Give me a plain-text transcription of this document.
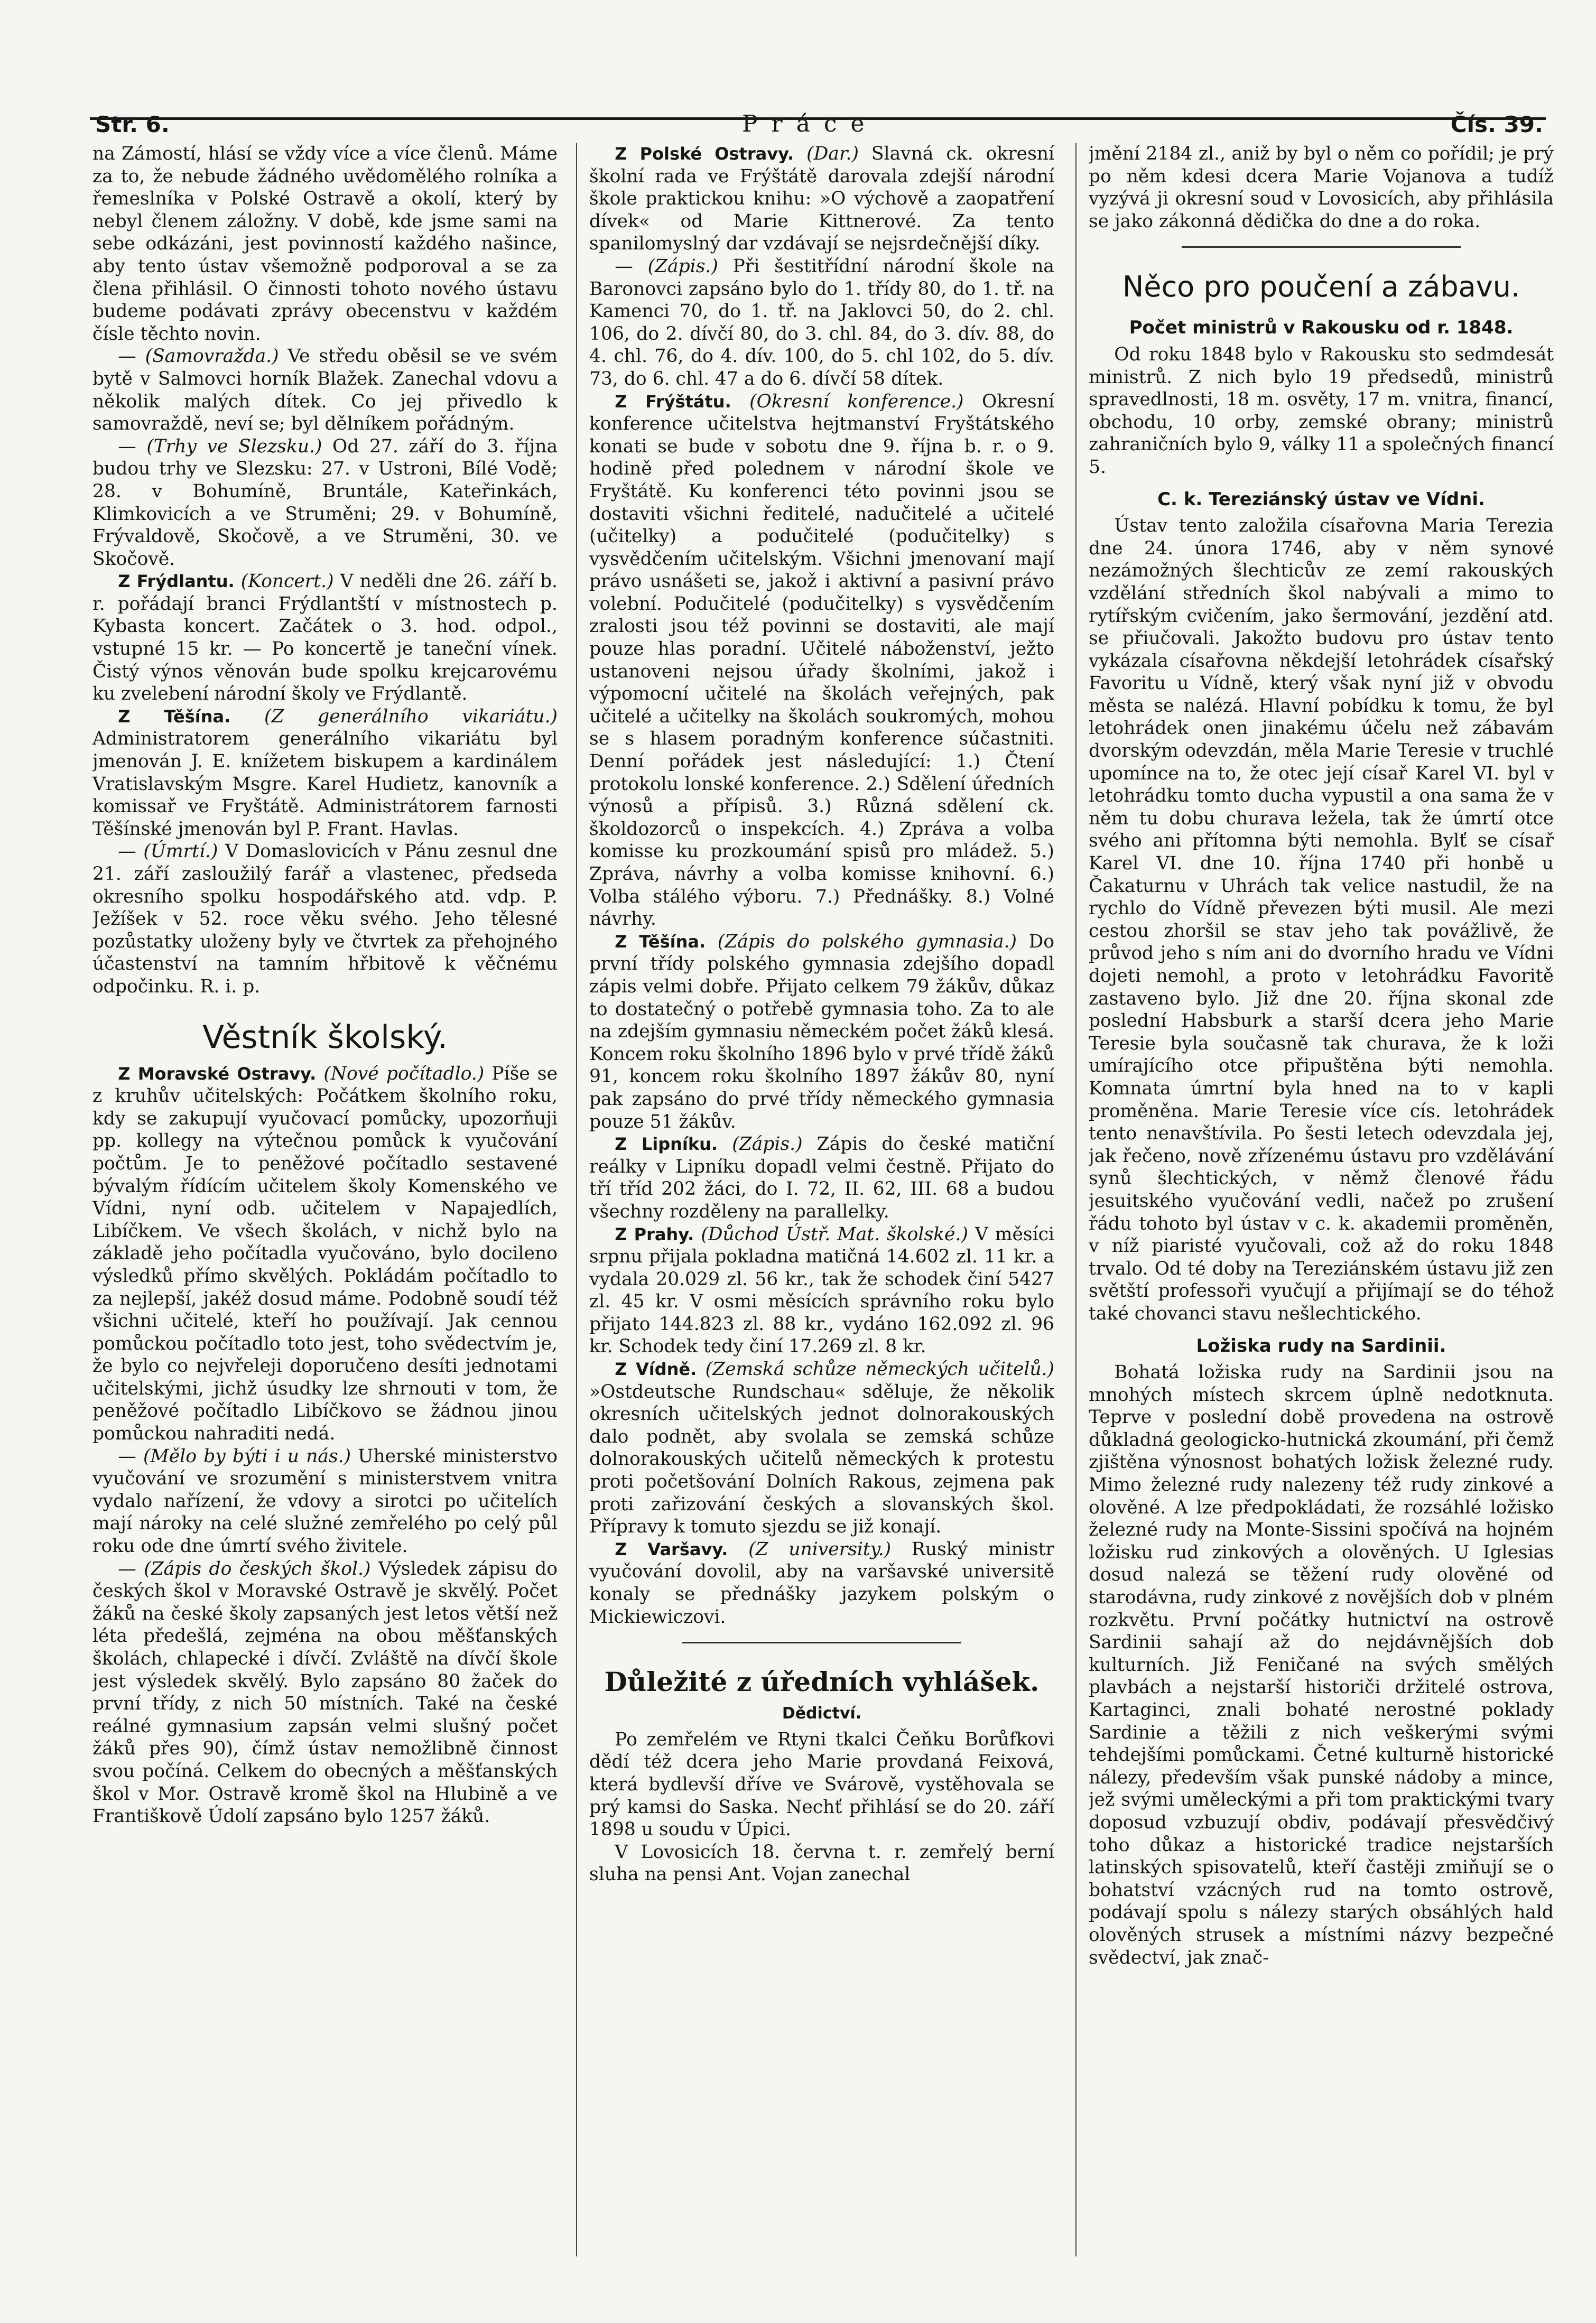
Str. 6.	Práce	Čís. 39.

na Zámostí, hlásí se vždy více a více členů. Máme za to, že nebude žádného uvědomělého rolníka a řemeslníka v Polské Ostravě a okolí, který by nebyl členem záložny. V době, kde jsme sami na sebe odkázáni, jest povinností každého našince, aby tento ústav všemožně podporoval a se za člena přihlásil. O činnosti tohoto nového ústavu budeme podávati zprávy obecenstvu v každém čísle těchto novin.

— (Samovražda.) Ve středu oběsil se ve svém bytě v Salmovci horník Blažek. Zanechal vdovu a několik malých dítek. Co jej přivedlo k samovraždě, neví se; byl dělníkem pořádným.

— (Trhy ve Slezsku.) Od 27. září do 3. října budou trhy ve Slezsku: 27. v Ustroni, Bílé Vodě; 28. v Bohumíně, Bruntále, Kateřinkách, Klimkovicích a ve Struměni; 29. v Bohumíně, Frývaldově, Skočově, a ve Struměni, 30. ve Skočově.

Z Frýdlantu. (Koncert.) V neděli dne 26. září b. r. pořádají branci Frýdlantští v místnostech p. Kybasta koncert. Začátek o 3. hod. odpol., vstupné 15 kr. — Po koncertě je taneční vínek. Čistý výnos věnován bude spolku krejcarovému ku zvelebení národní školy ve Frýdlantě.

Z Těšína. (Z generálního vikariátu.) Administratorem generálního vikariátu byl jmenován J. E. knížetem biskupem a kardinálem Vratislavským Msgre. Karel Hudietz, kanovník a komissař ve Fryštátě. Administrátorem farnosti Těšínské jmenován byl P. Frant. Havlas.

— (Úmrtí.) V Domaslovicích v Pánu zesnul dne 21. září zasloužilý farář a vlastenec, předseda okresního spolku hospodářského atd. vdp. P. Ježíšek v 52. roce věku svého. Jeho tělesné pozůstatky uloženy byly ve čtvrtek za přehojného účastenství na tamním hřbitově k věčnému odpočinku. R. i. p.

Věstník školský.

Z Moravské Ostravy. (Nové počítadlo.) Píše se z kruhův učitelských: Počátkem školního roku, kdy se zakupují vyučovací pomůcky, upozorňuji pp. kollegy na výtečnou pomůck k vyučování počtům. Je to peněžové počítadlo sestavené bývalým řídícím učitelem školy Komenského ve Vídni, nyní odb. učitelem v Napajedlích, Libíčkem. Ve všech školách, v nichž bylo na základě jeho počítadla vyučováno, bylo docileno výsledků přímo skvělých. Pokládám počítadlo to za nejlepší, jakéž dosud máme. Podobně soudí též všichni učitelé, kteří ho používají. Jak cennou pomůckou počítadlo toto jest, toho svědectvím je, že bylo co nejvřeleji doporučeno desíti jednotami učitelskými, jichž úsudky lze shrnouti v tom, že peněžové počítadlo Libíčkovo se žádnou jinou pomůckou nahraditi nedá.

— (Mělo by býti i u nás.) Uherské ministerstvo vyučování ve srozumění s ministerstvem vnitra vydalo nařízení, že vdovy a sirotci po učitelích mají nároky na celé služné zemřelého po celý půl roku ode dne úmrtí svého živitele.

— (Zápis do českých škol.) Výsledek zápisu do českých škol v Moravské Ostravě je skvělý. Počet žáků na české školy zapsaných jest letos větší než léta předešlá, zejména na obou měšťanských školách, chlapecké i dívčí. Zvláště na dívčí škole jest výsledek skvělý. Bylo zapsáno 80 žaček do první třídy, z nich 50 místních. Také na české reálné gymnasium zapsán velmi slušný počet žáků přes 90), čímž ústav nemožlibně činnost svou počíná. Celkem do obecných a měšťanských škol v Mor. Ostravě kromě škol na Hlubině a ve Františkově Údolí zapsáno bylo 1257 žáků.

Z Polské Ostravy. (Dar.) Slavná ck. okresní školní rada ve Frýštátě darovala zdejší národní škole praktickou knihu: »O výchově a zaopatření dívek« od Marie Kittnerové. Za tento spanilomyslný dar vzdávají se nejsrdečnější díky.

— (Zápis.) Při šestitřídní národní škole na Baronovci zapsáno bylo do 1. třídy 80, do 1. tř. na Kamenci 70, do 1. tř. na Jaklovci 50, do 2. chl. 106, do 2. dívčí 80, do 3. chl. 84, do 3. dív. 88, do 4. chl. 76, do 4. dív. 100, do 5. chl 102, do 5. dív. 73, do 6. chl. 47 a do 6. dívčí 58 dítek.

Z Frýštátu. (Okresní konference.) Okresní konference učitelstva hejtmanství Fryštátského konati se bude v sobotu dne 9. října b. r. o 9. hodině před polednem v národní škole ve Fryštátě. Ku konferenci této povinni jsou se dostaviti všichni ředitelé, nadučitelé a učitelé (učitelky) a podučitelé (podučitelky) s vysvědčením učitelským. Všichni jmenovaní mají právo usnášeti se, jakož i aktivní a pasivní právo volební. Podučitelé (podučitelky) s vysvědčením zralosti jsou též povinni se dostaviti, ale mají pouze hlas poradní. Učitelé náboženství, ježto ustanoveni nejsou úřady školními, jakož i výpomocní učitelé na školách veřejných, pak učitelé a učitelky na školách soukromých, mohou se s hlasem poradným konference súčastniti. Denní pořádek jest následující: 1.) Čtení protokolu lonské konference. 2.) Sdělení úředních výnosů a přípisů. 3.) Různá sdělení ck. školdozorců o inspekcích. 4.) Zpráva a volba komisse ku prozkoumání spisů pro mládež. 5.) Zpráva, návrhy a volba komisse knihovní. 6.) Volba stálého výboru. 7.) Přednášky. 8.) Volné návrhy.

Z Těšína. (Zápis do polského gymnasia.) Do první třídy polského gymnasia zdejšího dopadl zápis velmi dobře. Přijato celkem 79 žákův, důkaz to dostatečný o potřebě gymnasia toho. Za to ale na zdejším gymnasiu německém počet žáků klesá. Koncem roku školního 1896 bylo v prvé třídě žáků 91, koncem roku školního 1897 žákův 80, nyní pak zapsáno do prvé třídy německého gymnasia pouze 51 žákův.

Z Lipníku. (Zápis.) Zápis do české matiční reálky v Lipníku dopadl velmi čestně. Přijato do tří tříd 202 žáci, do I. 72, II. 62, III. 68 a budou všechny rozděleny na parallelky.

Z Prahy. (Důchod Ústř. Mat. školské.) V měsíci srpnu přijala pokladna matičná 14.602 zl. 11 kr. a vydala 20.029 zl. 56 kr., tak že schodek činí 5427 zl. 45 kr. V osmi měsících správního roku bylo přijato 144.823 zl. 88 kr., vydáno 162.092 zl. 96 kr. Schodek tedy činí 17.269 zl. 8 kr.

Z Vídně. (Zemská schůze německých učitelů.) »Ostdeutsche Rundschau« sděluje, že několik okresních učitelských jednot dolnorakouských dalo podnět, aby svolala se zemská schůze dolnorakouských učitelů německých k protestu proti početšování Dolních Rakous, zejmena pak proti zařizování českých a slovanských škol. Přípravy k tomuto sjezdu se již konají.

Z Varšavy. (Z university.) Ruský ministr vyučování dovolil, aby na varšavské universitě konaly se přednášky jazykem polským o Mickiewiczovi.

Důležité z úředních vyhlášek.
Dědictví.

Po zemřelém ve Rtyni tkalci Čeňku Borůfkovi dědí též dcera jeho Marie provdaná Feixová, která bydlevší dříve ve Svárově, vystěhovala se prý kamsi do Saska. Nechť přihlásí se do 20. září 1898 u soudu v Úpici.

V Lovosicích 18. června t. r. zemřelý berní sluha na pensi Ant. Vojan zanechal

jmění 2184 zl., aniž by byl o něm co pořídil; je prý po něm kdesi dcera Marie Vojanova a tudíž vyzývá ji okresní soud v Lovosicích, aby přihlásila se jako zákonná dědička do dne a do roka.

Něco pro poučení a zábavu.
Počet ministrů v Rakousku od r. 1848.

Od roku 1848 bylo v Rakousku sto sedmdesát ministrů. Z nich bylo 19 předsedů, ministrů spravedlnosti, 18 m. osvěty, 17 m. vnitra, financí, obchodu, 10 orby, zemské obrany; ministrů zahraničních bylo 9, války 11 a společných financí 5.

C. k. Tereziánský ústav ve Vídni.

Ústav tento založila císařovna Maria Terezia dne 24. února 1746, aby v něm synové nezámožných šlechticův ze zemí rakouských vzdělání středních škol nabývali a mimo to rytířským cvičením, jako šermování, jezdění atd. se přiučovali. Jakožto budovu pro ústav tento vykázala císařovna někdejší letohrádek císařský Favoritu u Vídně, který však nyní již v obvodu města se nalézá. Hlavní pobídku k tomu, že byl letohrádek onen jinakému účelu než zábavám dvorským odevzdán, měla Marie Teresie v truchlé upomínce na to, že otec její císař Karel VI. byl v letohrádku tomto ducha vypustil a ona sama že v něm tu dobu churava ležela, tak že úmrtí otce svého ani přítomna býti nemohla. Bylť se císař Karel VI. dne 10. října 1740 při honbě u Čakaturnu v Uhrách tak velice nastudil, že na rychlo do Vídně převezen býti musil. Ale mezi cestou zhoršil se stav jeho tak povážlivě, že průvod jeho s ním ani do dvorního hradu ve Vídni dojeti nemohl, a proto v letohrádku Favoritě zastaveno bylo. Již dne 20. října skonal zde poslední Habsburk a starší dcera jeho Marie Teresie byla současně tak churava, že k loži umírajícího otce připuštěna býti nemohla. Komnata úmrtní byla hned na to v kapli proměněna. Marie Teresie více cís. letohrádek tento nenavštívila. Po šesti letech odevzdala jej, jak řečeno, nově zřízenému ústavu pro vzdělávání synů šlechtických, v němž členové řádu jesuitského vyučování vedli, načež po zrušení řádu tohoto byl ústav v c. k. akademii proměněn, v níž piaristé vyučovali, což až do roku 1848 trvalo. Od té doby na Tereziánském ústavu již zen světští professoři vyučují a přijímají se do téhož také chovanci stavu nešlechtického.

Ložiska rudy na Sardinii.

Bohatá ložiska rudy na Sardinii jsou na mnohých místech skrcem úplně nedotknuta. Teprve v poslední době provedena na ostrově důkladná geologicko-hutnická zkoumání, při čemž zjištěna výnosnost bohatých ložisk železné rudy. Mimo železné rudy nalezeny též rudy zinkové a olověné. A lze předpokládati, že rozsáhlé ložisko železné rudy na Monte-Sissini spočívá na hojném ložisku rud zinkových a olověných. U Iglesias dosud nalezá se těžení rudy olověné od starodávna, rudy zinkové z novějších dob v plném rozkvětu. První počátky hutnictví na ostrově Sardinii sahají až do nejdávnějších dob kulturních. Již Feničané na svých smělých plavbách a nejstarší historiči držitelé ostrova, Kartaginci, znali bohaté nerostné poklady Sardinie a těžili z nich veškerými svými tehdejšími pomůckami. Četné kulturně historické nálezy, především však punské nádoby a mince, jež svými uměleckými a při tom praktickými tvary doposud vzbuzují obdiv, podávají přesvědčivý toho důkaz a historické tradice nejstarších latinských spisovatelů, kteří častěji zmiňují se o bohatství vzácných rud na tomto ostrově, podávají spolu s nálezy starých obsáhlých hald olověných strusek a místními názvy bezpečné svědectví, jak znač-
